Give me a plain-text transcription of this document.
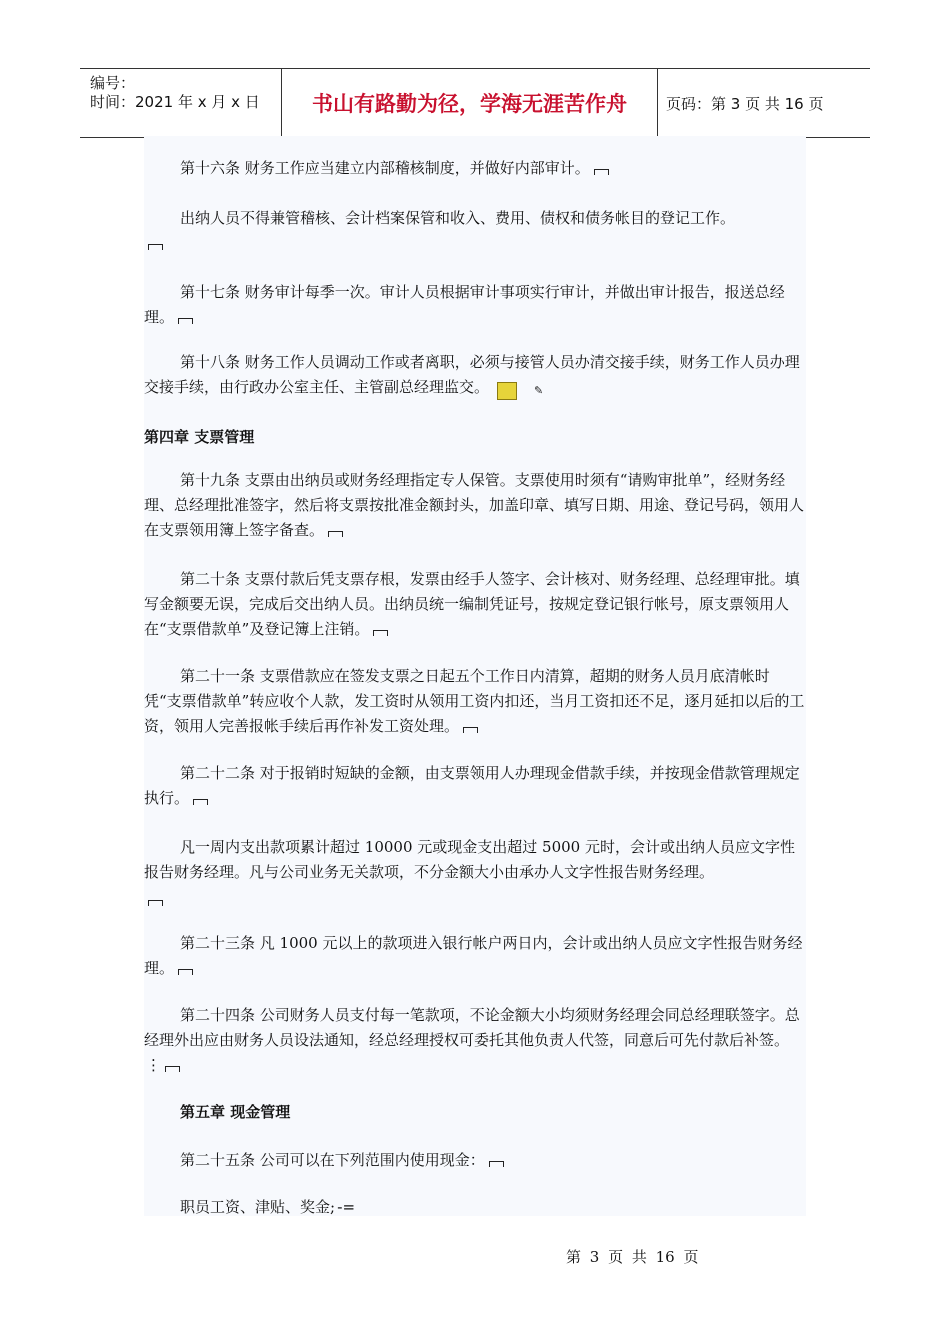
编号：
时间：2021 年 x 月 x 日	书山有路勤为径，学海无涯苦作舟	页码：第 3 页 共 16 页

第十六条 财务工作应当建立内部稽核制度，并做好内部审计。

出纳人员不得兼管稽核、会计档案保管和收入、费用、债权和债务帐目的登记工作。

第十七条 财务审计每季一次。审计人员根据审计事项实行审计，并做出审计报告，报送总经理。

第十八条 财务工作人员调动工作或者离职，必须与接管人员办清交接手续，财务工作人员办理交接手续，由行政办公室主任、主管副总经理监交。	✎

第四章 支票管理

第十九条 支票由出纳员或财务经理指定专人保管。支票使用时须有“请购审批单”，经财务经理、总经理批准签字，然后将支票按批准金额封头，加盖印章、填写日期、用途、登记号码，领用人在支票领用簿上签字备查。

第二十条 支票付款后凭支票存根，发票由经手人签字、会计核对、财务经理、总经理审批。填写金额要无误，完成后交出纳人员。出纳员统一编制凭证号，按规定登记银行帐号，原支票领用人在“支票借款单”及登记簿上注销。

第二十一条 支票借款应在签发支票之日起五个工作日内清算，超期的财务人员月底清帐时凭“支票借款单”转应收个人款，发工资时从领用工资内扣还，当月工资扣还不足，逐月延扣以后的工资，领用人完善报帐手续后再作补发工资处理。

第二十二条 对于报销时短缺的金额，由支票领用人办理现金借款手续，并按现金借款管理规定执行。

凡一周内支出款项累计超过 10000 元或现金支出超过 5000 元时，会计或出纳人员应文字性报告财务经理。凡与公司业务无关款项，不分金额大小由承办人文字性报告财务经理。

第二十三条 凡 1000 元以上的款项进入银行帐户两日内，会计或出纳人员应文字性报告财务经理。

第二十四条 公司财务人员支付每一笔款项，不论金额大小均须财务经理会同总经理联签字。总经理外出应由财务人员设法通知，经总经理授权可委托其他负责人代签，同意后可先付款后补签。 ⋮

第五章 现金管理

第二十五条 公司可以在下列范围内使用现金：

职员工资、津贴、奖金; -=

第 3 页 共 16 页
